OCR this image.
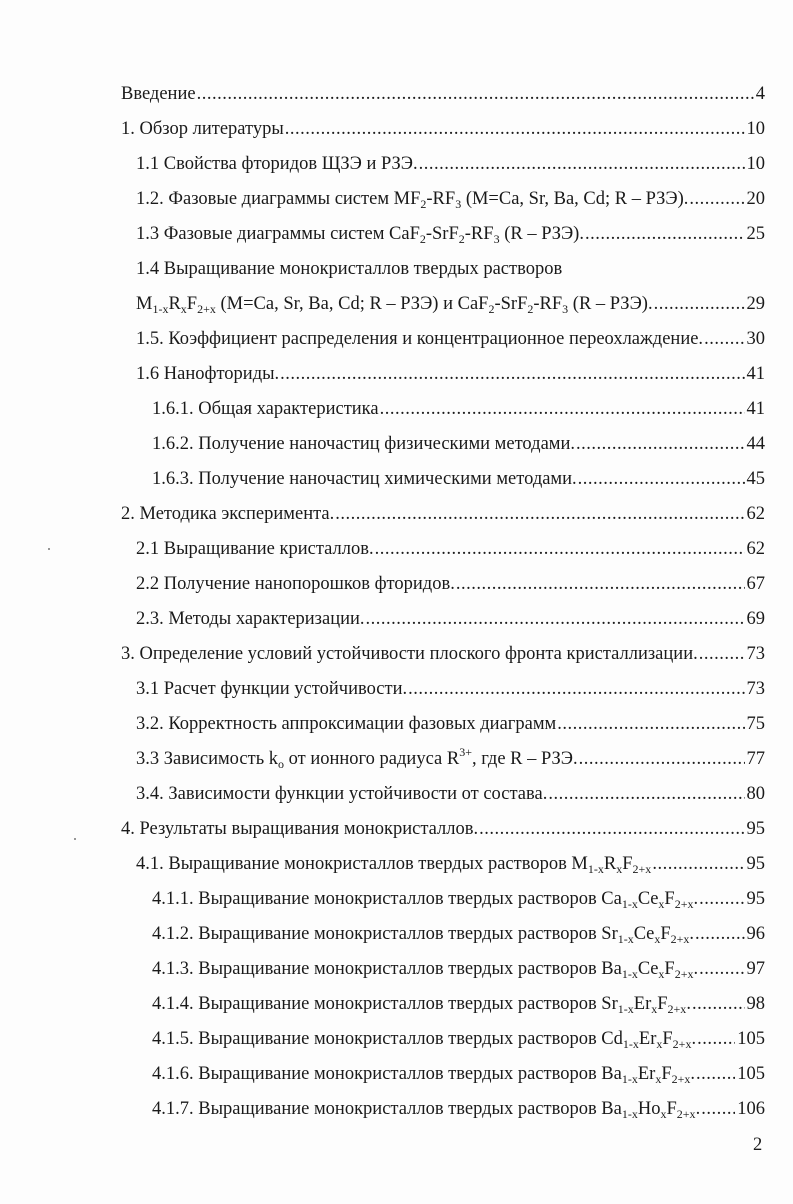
Введение .....	4
1. Обзор литературы .....	10
1.1 Свойства фторидов ЩЗЭ и РЗЭ. .....	10
1.2. Фазовые диаграммы систем $MF_2-RF_3$ (M=Ca, Sr, Ba, Cd; R – РЗЭ). .....	20
1.3 Фазовые диаграммы систем $CaF_2-SrF_2-RF_3$ (R – РЗЭ). .....	25
1.4 Выращивание монокристаллов твердых растворов
$M_{1-x}R_xF_{2+x}$ (M=Ca, Sr, Ba, Cd; R – РЗЭ) и $CaF_2-SrF_2-RF_3$ (R – РЗЭ). .....	29
1.5. Коэффициент распределения и концентрационное переохлаждение. ..... 30
1.6 Нанофториды. .....	41
1.6.1. Общая характеристика .....	41
1.6.2. Получение наночастиц физическими методами. .....	44
1.6.3. Получение наночастиц химическими методами. .....	45
2. Методика эксперимента. .....	62
2.1 Выращивание кристаллов. .....	62
2.2 Получение нанопорошков фторидов. .....	67
2.3. Методы характеризации. .....	69
3. Определение условий устойчивости плоского фронта кристаллизации. .....	73
3.1 Расчет функции устойчивости. .....	73
3.2. Корректность аппроксимации фазовых диаграмм .....	75
3.3 Зависимость $k_o$ от ионного радиуса $R^{3+}$, где R – РЗЭ. .....	77
3.4. Зависимости функции устойчивости от состава. .....	80
4. Результаты выращивания монокристаллов. .....	95
4.1. Выращивание монокристаллов твердых растворов $M_{1-x}R_xF_{2+x}$ .....	95
4.1.1. Выращивание монокристаллов твердых растворов $Ca_{1-x}Ce_xF_{2+x}$. .....	95
4.1.2. Выращивание монокристаллов твердых растворов $Sr_{1-x}Ce_xF_{2+x}$. .....	96
4.1.3. Выращивание монокристаллов твердых растворов $Ba_{1-x}Ce_xF_{2+x}$. .....	97
4.1.4. Выращивание монокристаллов твердых растворов $Sr_{1-x}Er_xF_{2+x}$. .....	98
4.1.5. Выращивание монокристаллов твердых растворов $Cd_{1-x}Er_xF_{2+x}$. ..... 105
4.1.6. Выращивание монокристаллов твердых растворов $Ba_{1-x}Er_xF_{2+x}$. ..... 105
4.1.7. Выращивание монокристаллов твердых растворов $Ba_{1-x}Ho_xF_{2+x}$. ..... 106
2
